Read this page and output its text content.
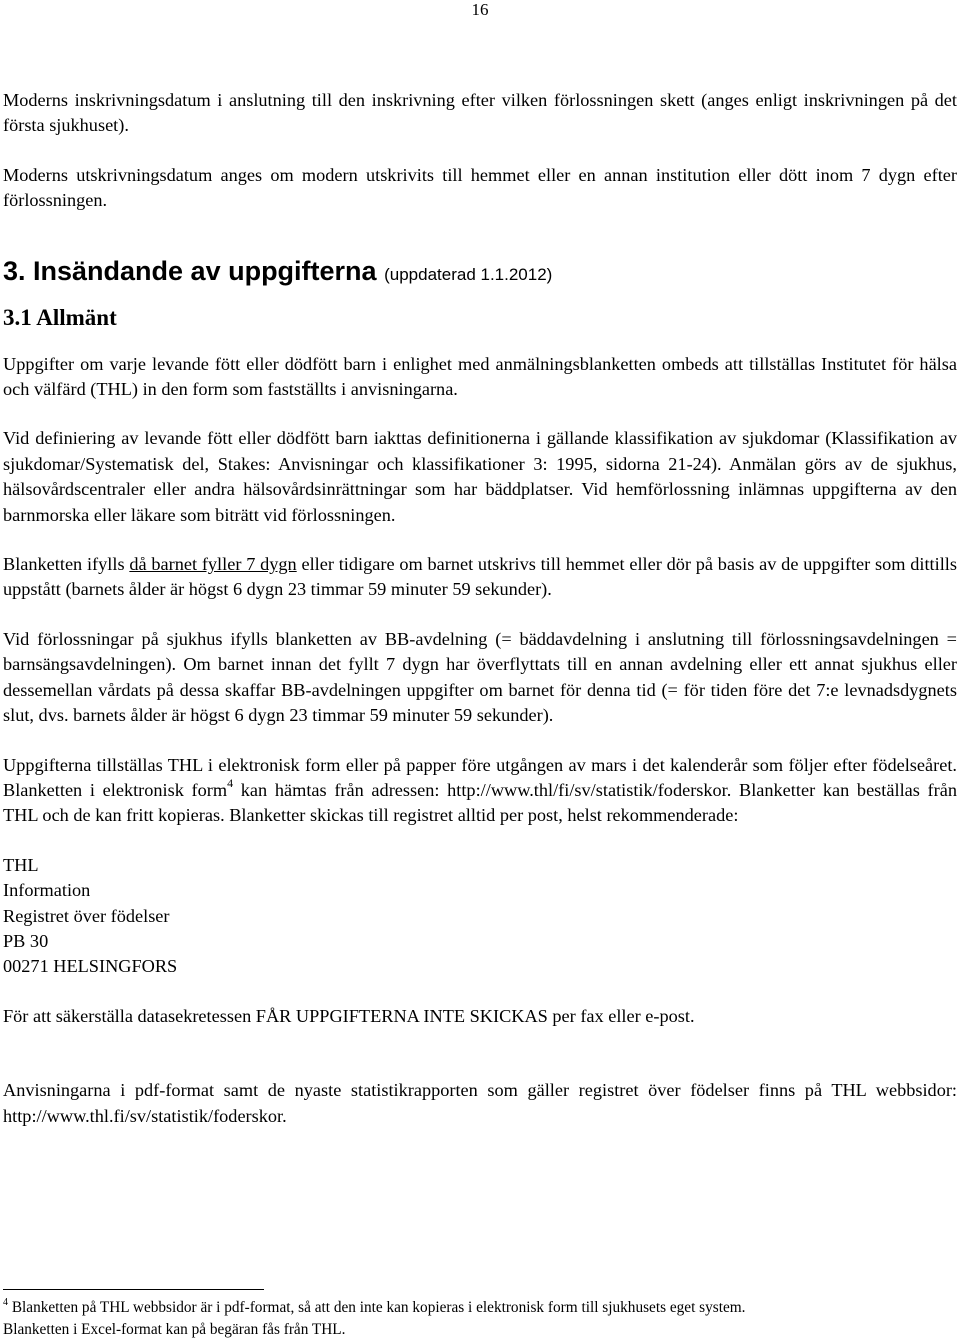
16

Moderns inskrivningsdatum i anslutning till den inskrivning efter vilken förlossningen skett (anges enligt inskrivningen på det första sjukhuset).

Moderns utskrivningsdatum anges om modern utskrivits till hemmet eller en annan institution eller dött inom 7 dygn efter förlossningen.

3. Insändande av uppgifterna (uppdaterad 1.1.2012)
3.1 Allmänt

Uppgifter om varje levande fött eller dödfött barn i enlighet med anmälningsblanketten ombeds att tillställas Institutet för hälsa och välfärd (THL) in den form som fastställts i anvisningarna.

Vid definiering av levande fött eller dödfött barn iakttas definitionerna i gällande klassifikation av sjukdomar (Klassifikation av sjukdomar/Systematisk del, Stakes: Anvisningar och klassifikationer 3: 1995, sidorna 21-24). Anmälan görs av de sjukhus, hälsovårdscentraler eller andra hälsovårdsinrättningar som har bäddplatser. Vid hemförlossning inlämnas uppgifterna av den barnmorska eller läkare som biträtt vid förlossningen.

Blanketten ifylls då barnet fyller 7 dygn eller tidigare om barnet utskrivs till hemmet eller dör på basis av de uppgifter som dittills uppstått (barnets ålder är högst 6 dygn 23 timmar 59 minuter 59 sekunder).

Vid förlossningar på sjukhus ifylls blanketten av BB-avdelning (= bäddavdelning i anslutning till förlossningsavdelningen = barnsängsavdelningen). Om barnet innan det fyllt 7 dygn har överflyttats till en annan avdelning eller ett annat sjukhus eller dessemellan vårdats på dessa skaffar BB-avdelningen uppgifter om barnet för denna tid (= för tiden före det 7:e levnadsdygnets slut, dvs. barnets ålder är högst 6 dygn 23 timmar 59 minuter 59 sekunder).

Uppgifterna tillställas THL i elektronisk form eller på papper före utgången av mars i det kalenderår som följer efter födelseåret. Blanketten i elektronisk form$^4$ kan hämtas från adressen: http://www.thl/fi/sv/statistik/foderskor. Blanketter kan beställas från THL och de kan fritt kopieras. Blanketter skickas till registret alltid per post, helst rekommenderade:

THL

Information

Registret över födelser

PB 30

00271 HELSINGFORS

För att säkerställa datasekretessen FÅR UPPGIFTERNA INTE SKICKAS per fax eller e-post.

Anvisningarna i pdf-format samt de nyaste statistikrapporten som gäller registret över födelser finns på THL webbsidor: http://www.thl.fi/sv/statistik/foderskor.

$^4$ Blanketten på THL webbsidor är i pdf-format, så att den inte kan kopieras i elektronisk form till sjukhusets eget system.
Blanketten i Excel-format kan på begäran fås från THL.
